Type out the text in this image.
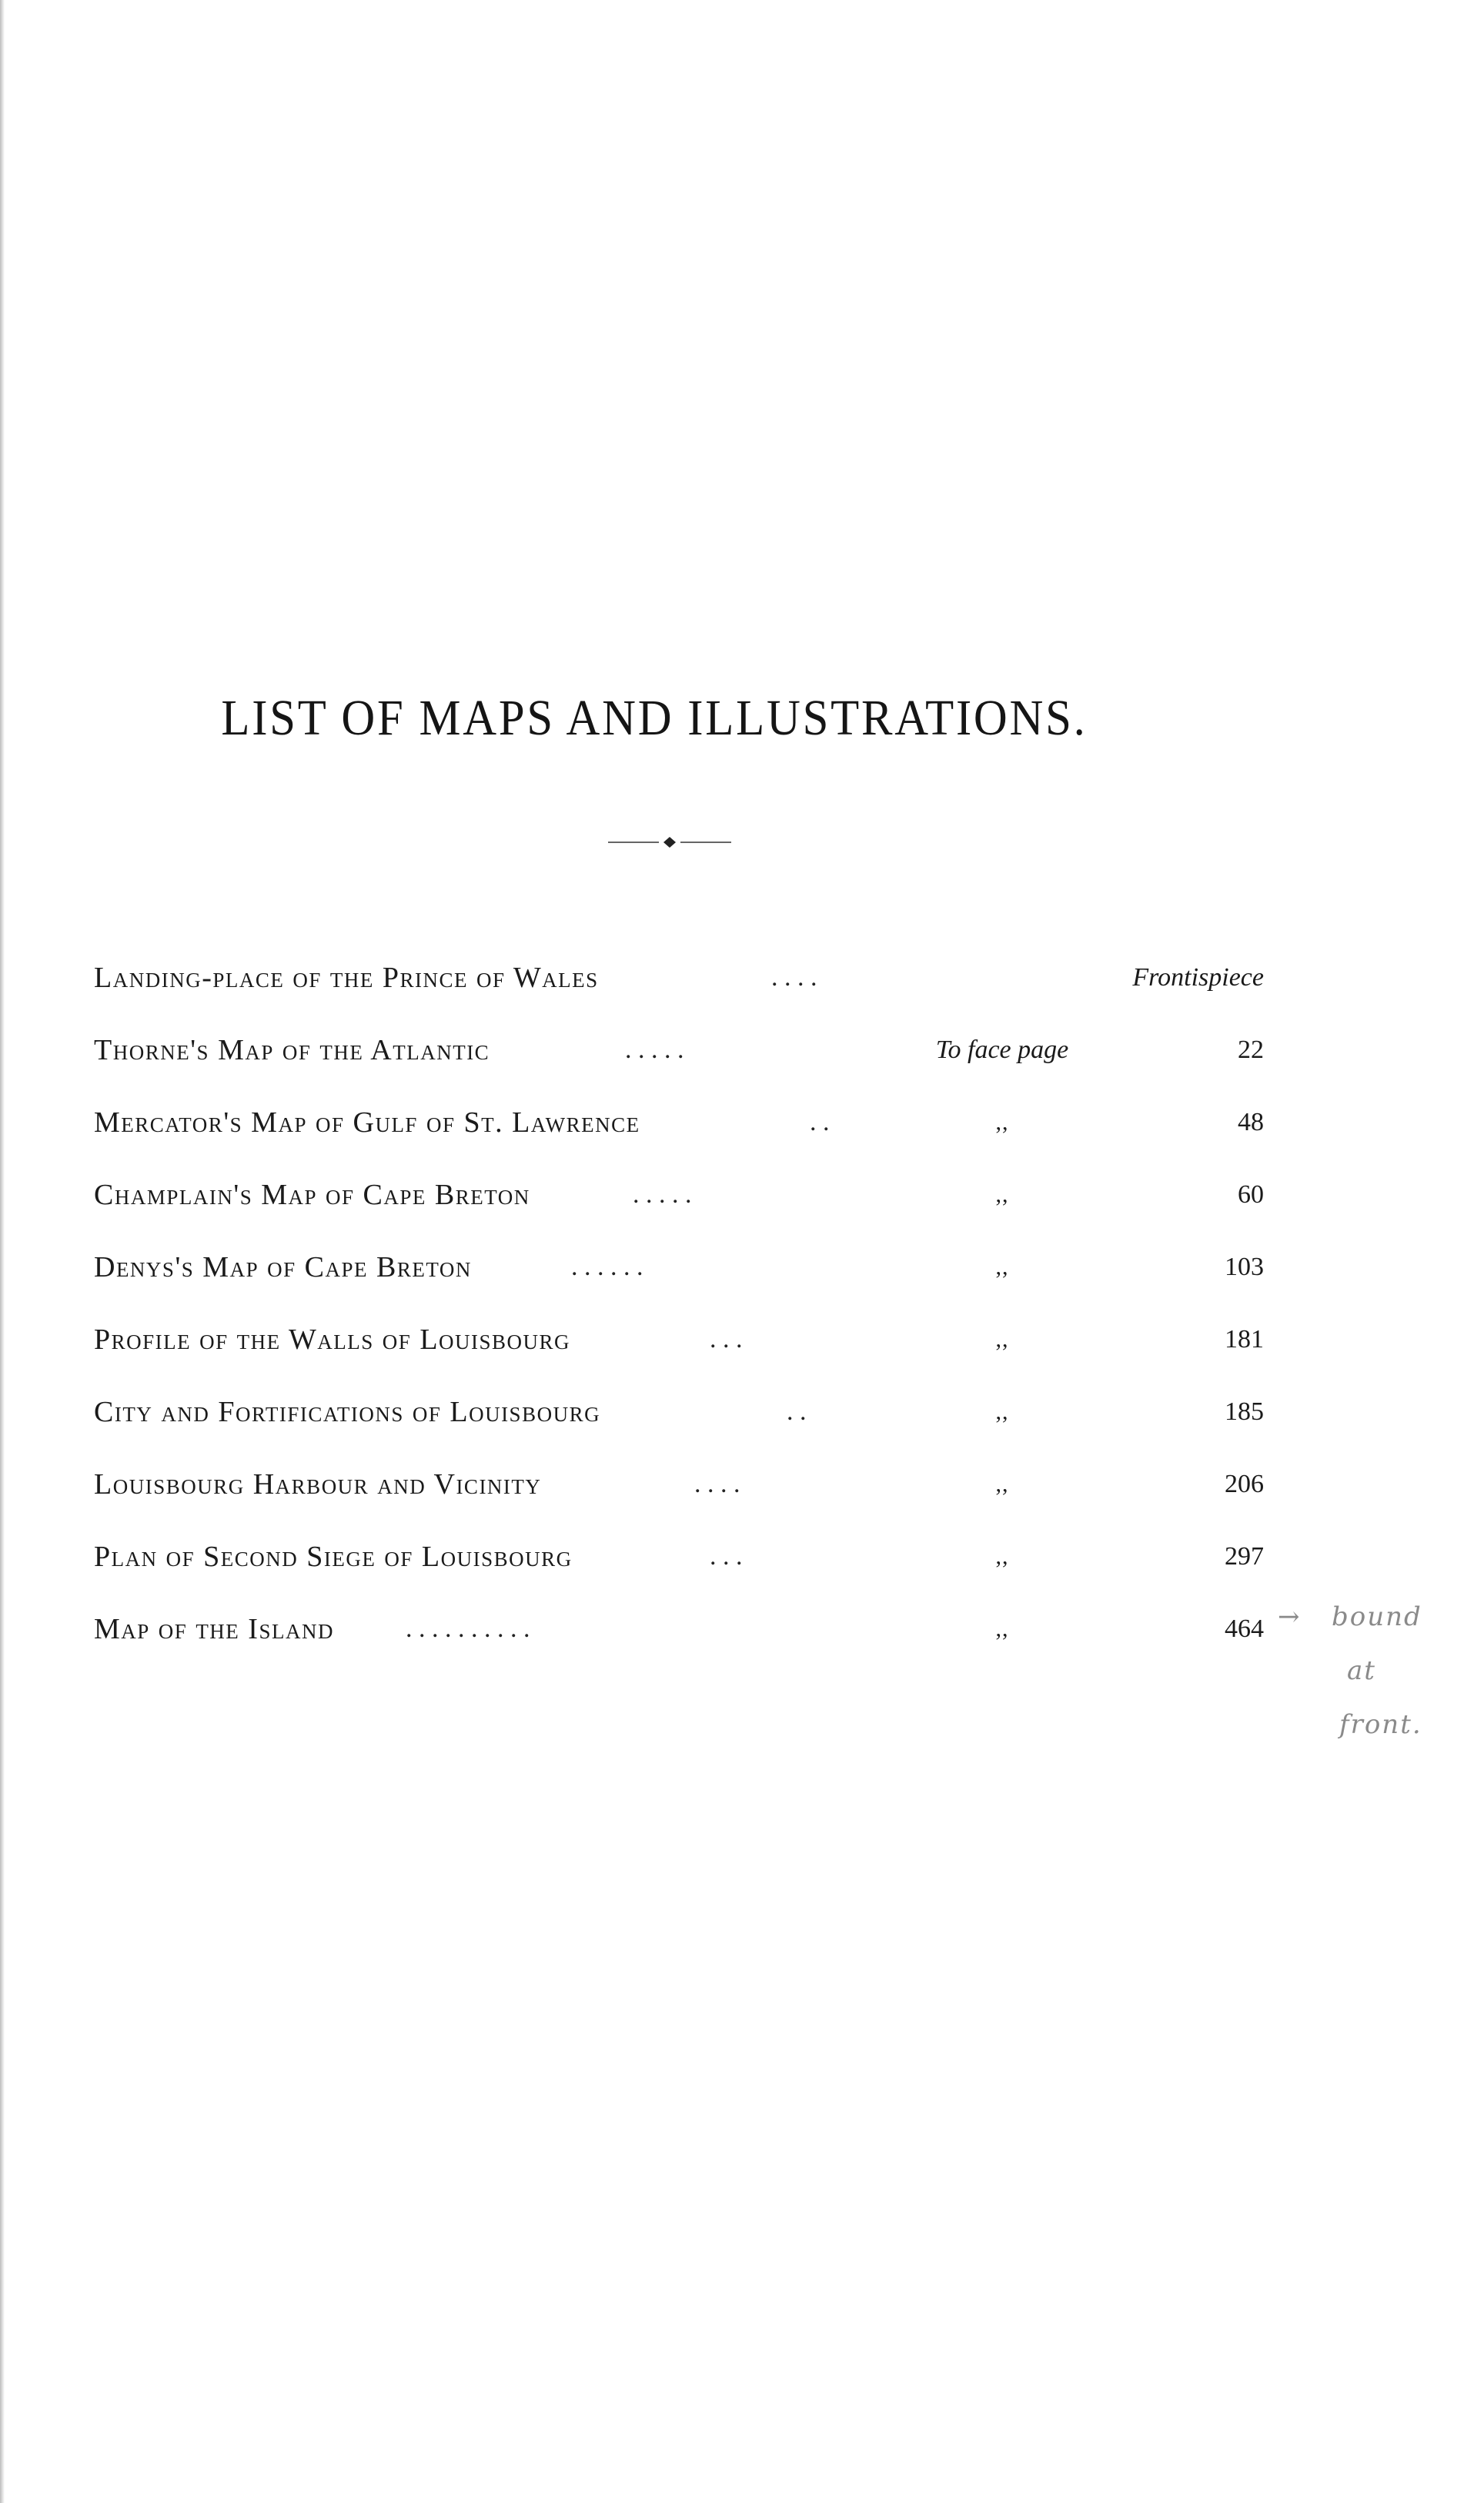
LIST OF MAPS AND ILLUSTRATIONS.
Landing-place of the Prince of Wales	. . . .	Frontispiece
Thorne's Map of the Atlantic	. . . . .	To face page	22
Mercator's Map of Gulf of St. Lawrence	. .	,,	48
Champlain's Map of Cape Breton	. . . . .	,,	60
Denys's Map of Cape Breton	. . . . . .	,,	103
Profile of the Walls of Louisbourg	. . .	,,	181
City and Fortifications of Louisbourg	. .	,,	185
Louisbourg Harbour and Vicinity	. . . .	,,	206
Plan of Second Siege of Louisbourg	. . .	,,	297
Map of the Island	. . . . . . . . . .	,,	464 → bound
at
front.
